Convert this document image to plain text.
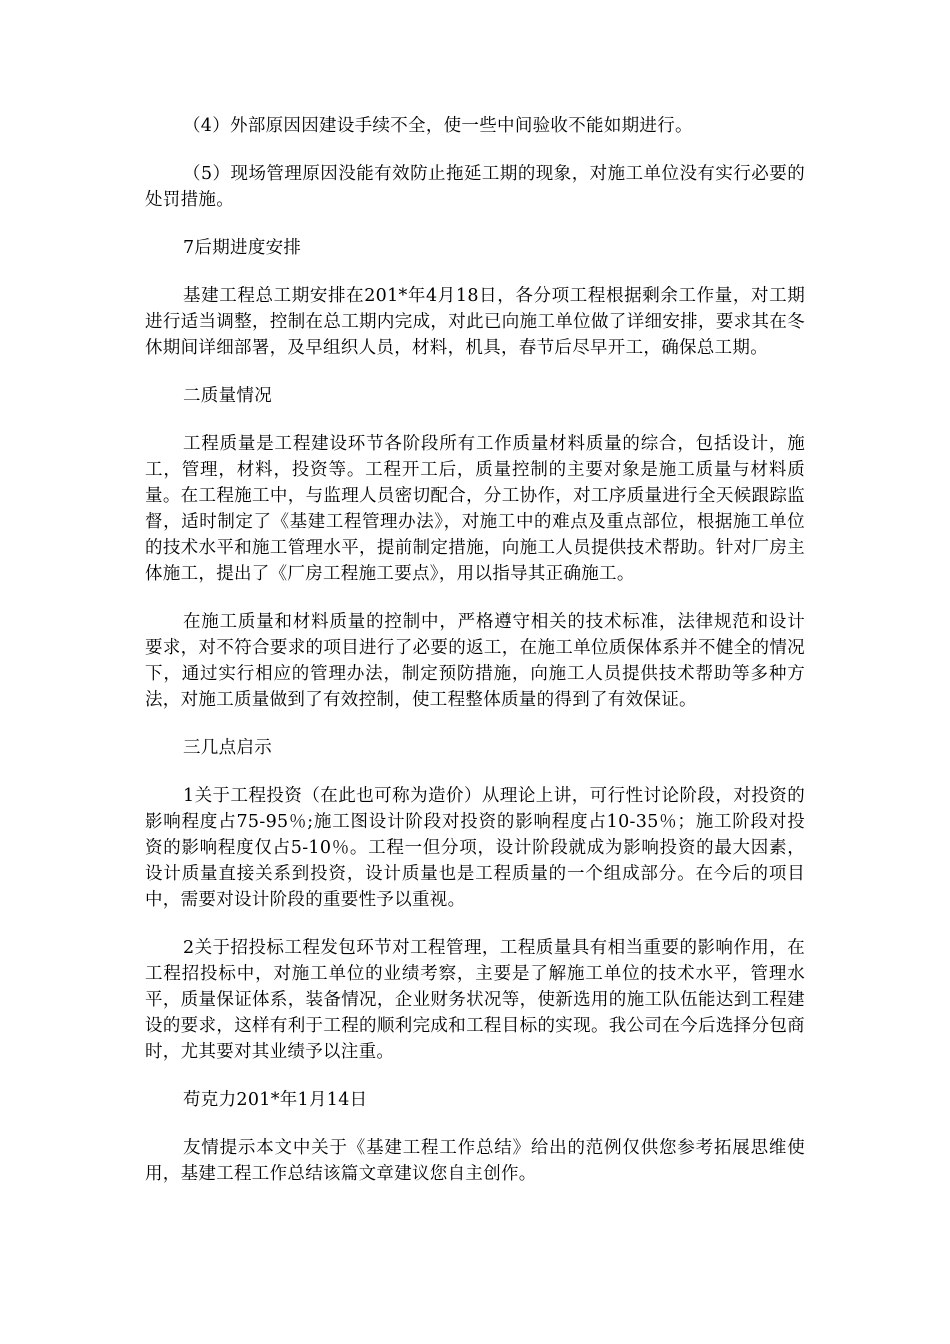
（4）外部原因因建设手续不全，使一些中间验收不能如期进行。

（5）现场管理原因没能有效防止拖延工期的现象，对施工单位没有实行必要的处罚措施。

7后期进度安排

基建工程总工期安排在201*年4月18日，各分项工程根据剩余工作量，对工期进行适当调整，控制在总工期内完成，对此已向施工单位做了详细安排，要求其在冬休期间详细部署，及早组织人员，材料，机具，春节后尽早开工，确保总工期。

二质量情况

工程质量是工程建设环节各阶段所有工作质量材料质量的综合，包括设计，施工，管理，材料，投资等。工程开工后，质量控制的主要对象是施工质量与材料质量。在工程施工中，与监理人员密切配合，分工协作，对工序质量进行全天候跟踪监督，适时制定了《基建工程管理办法》，对施工中的难点及重点部位，根据施工单位的技术水平和施工管理水平，提前制定措施，向施工人员提供技术帮助。针对厂房主体施工，提出了《厂房工程施工要点》，用以指导其正确施工。

在施工质量和材料质量的控制中，严格遵守相关的技术标准，法律规范和设计要求，对不符合要求的项目进行了必要的返工，在施工单位质保体系并不健全的情况下，通过实行相应的管理办法，制定预防措施，向施工人员提供技术帮助等多种方法，对施工质量做到了有效控制，使工程整体质量的得到了有效保证。

三几点启示

1关于工程投资（在此也可称为造价）从理论上讲，可行性讨论阶段，对投资的影响程度占75-95％;施工图设计阶段对投资的影响程度占10-35％；施工阶段对投资的影响程度仅占5-10％。工程一但分项，设计阶段就成为影响投资的最大因素，设计质量直接关系到投资，设计质量也是工程质量的一个组成部分。在今后的项目中，需要对设计阶段的重要性予以重视。

2关于招投标工程发包环节对工程管理，工程质量具有相当重要的影响作用，在工程招投标中，对施工单位的业绩考察，主要是了解施工单位的技术水平，管理水平，质量保证体系，装备情况，企业财务状况等，使新选用的施工队伍能达到工程建设的要求，这样有利于工程的顺利完成和工程目标的实现。我公司在今后选择分包商时，尤其要对其业绩予以注重。

苟克力201*年1月14日

友情提示本文中关于《基建工程工作总结》给出的范例仅供您参考拓展思维使用，基建工程工作总结该篇文章建议您自主创作。
